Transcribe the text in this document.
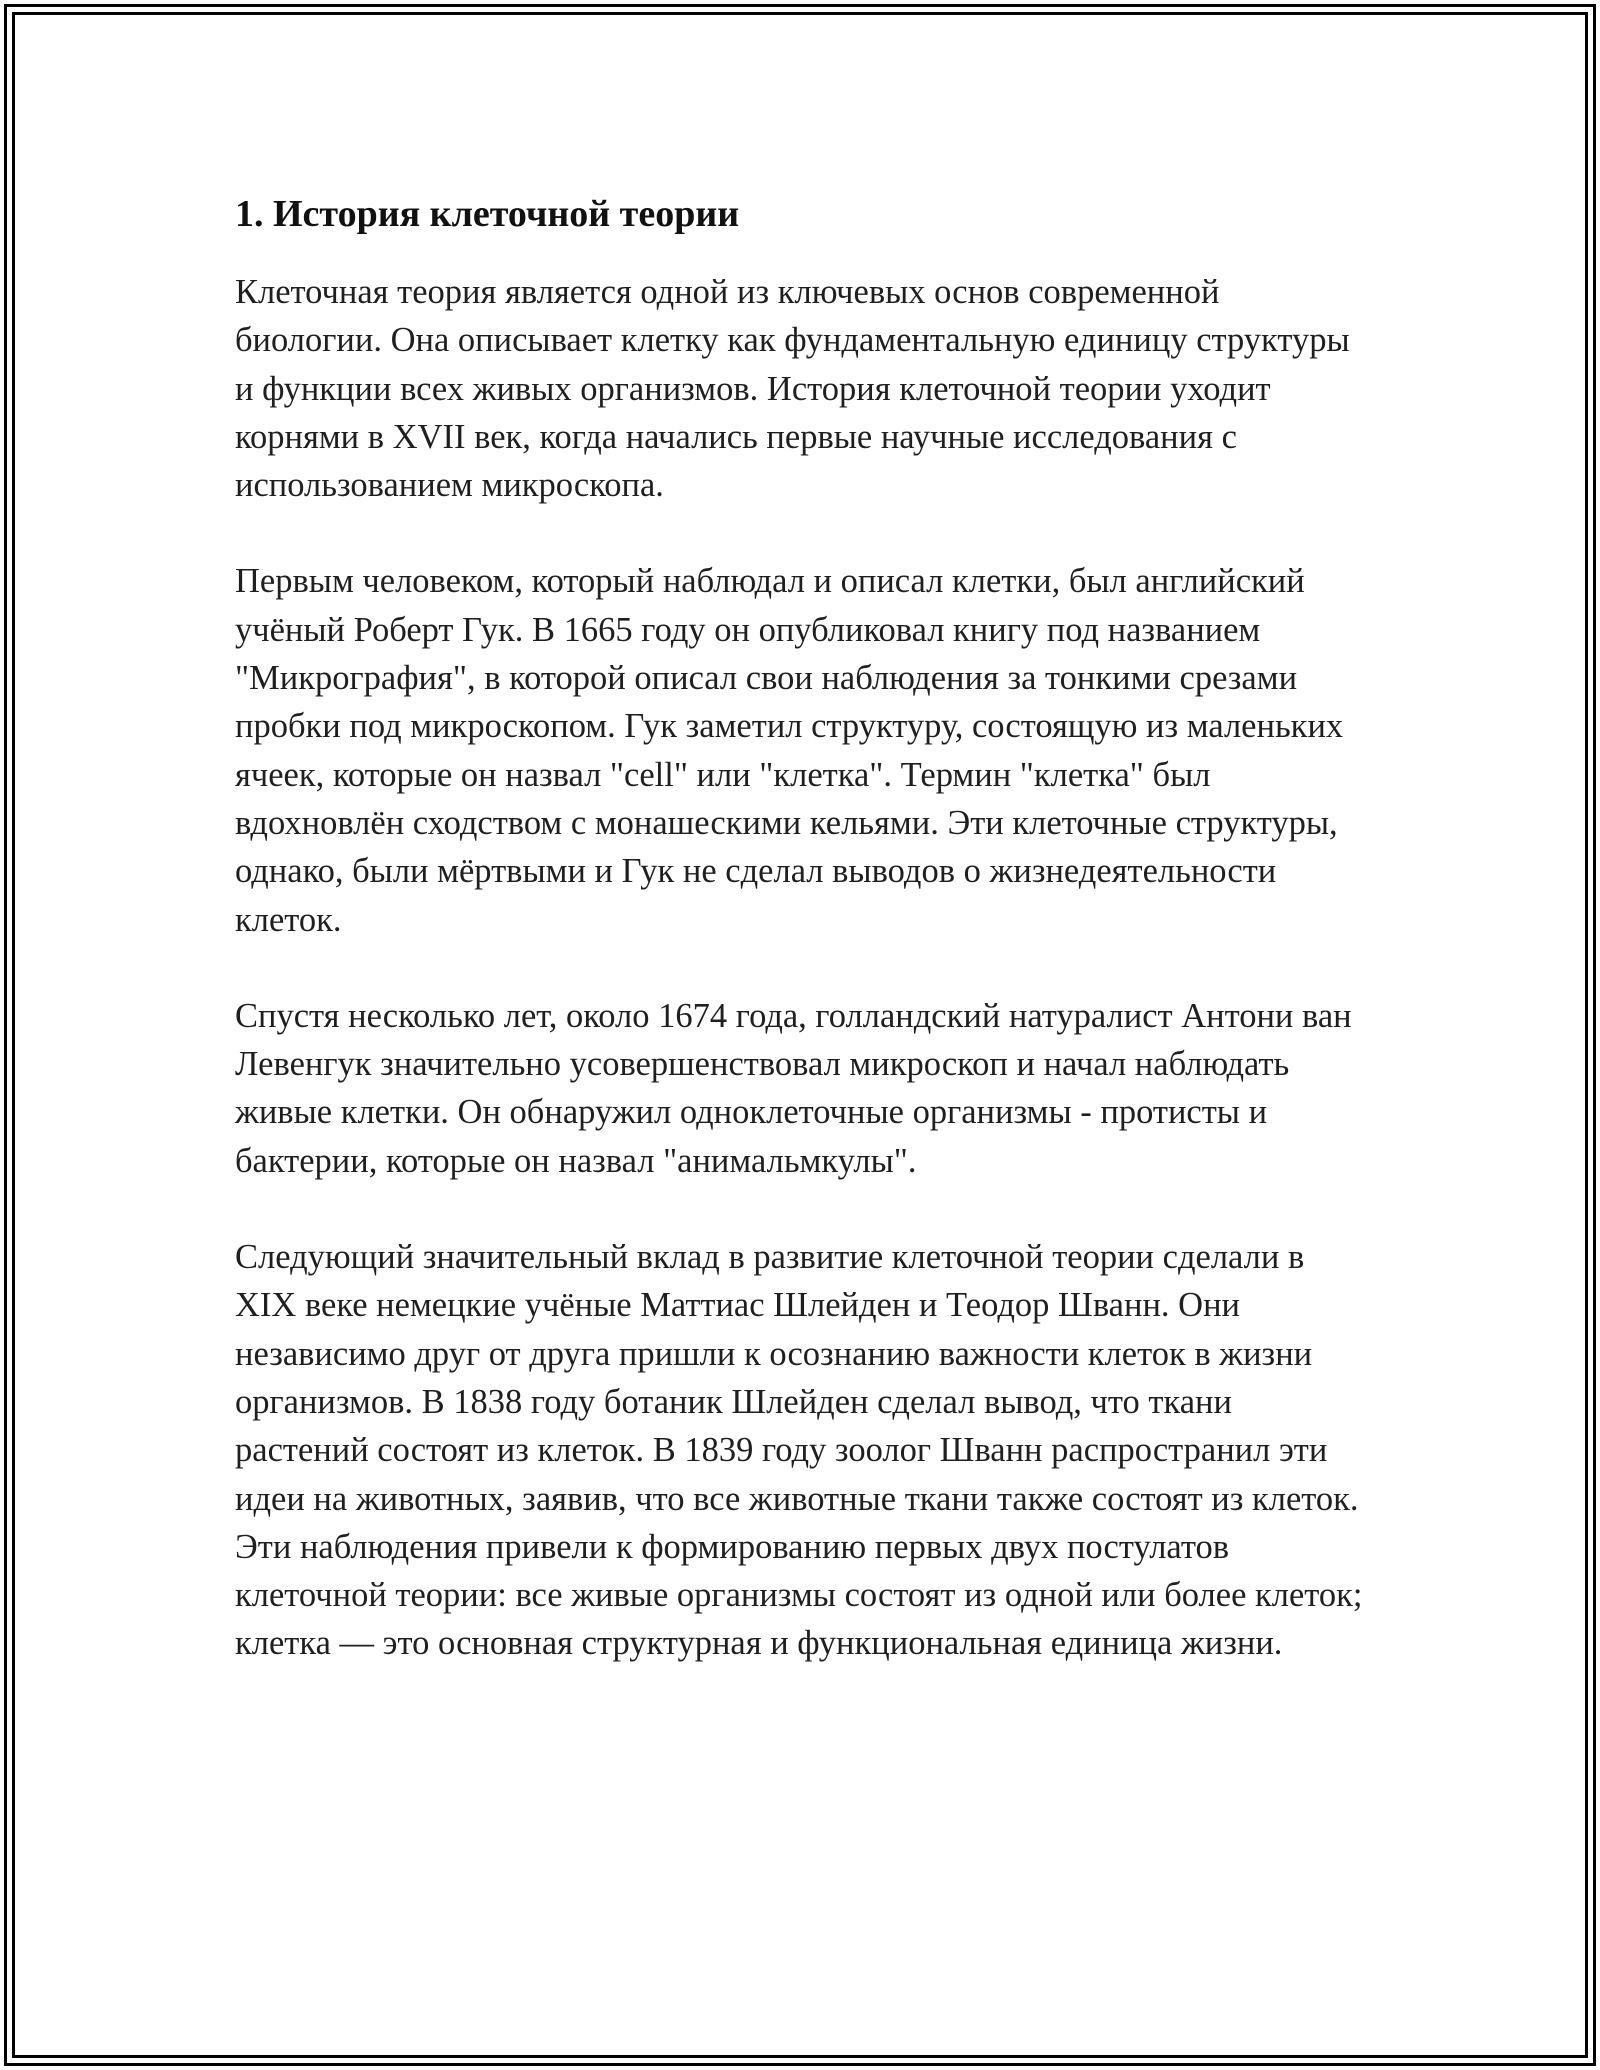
1. История клеточной теории

Клеточная теория является одной из ключевых основ современной биологии. Она описывает клетку как фундаментальную единицу структуры и функции всех живых организмов. История клеточной теории уходит корнями в XVII век, когда начались первые научные исследования с использованием микроскопа.

Первым человеком, который наблюдал и описал клетки, был английский учёный Роберт Гук. В 1665 году он опубликовал книгу под названием "Микрография", в которой описал свои наблюдения за тонкими срезами пробки под микроскопом. Гук заметил структуру, состоящую из маленьких ячеек, которые он назвал "cell" или "клетка". Термин "клетка" был вдохновлён сходством с монашескими кельями. Эти клеточные структуры, однако, были мёртвыми и Гук не сделал выводов о жизнедеятельности клеток.

Спустя несколько лет, около 1674 года, голландский натуралист Антони ван Левенгук значительно усовершенствовал микроскоп и начал наблюдать живые клетки. Он обнаружил одноклеточные организмы - протисты и бактерии, которые он назвал "анимальмкулы".

Следующий значительный вклад в развитие клеточной теории сделали в XIX веке немецкие учёные Маттиас Шлейден и Теодор Шванн. Они независимо друг от друга пришли к осознанию важности клеток в жизни организмов. В 1838 году ботаник Шлейден сделал вывод, что ткани растений состоят из клеток. В 1839 году зоолог Шванн распространил эти идеи на животных, заявив, что все животные ткани также состоят из клеток. Эти наблюдения привели к формированию первых двух постулатов клеточной теории: все живые организмы состоят из одной или более клеток; клетка — это основная структурная и функциональная единица жизни.
